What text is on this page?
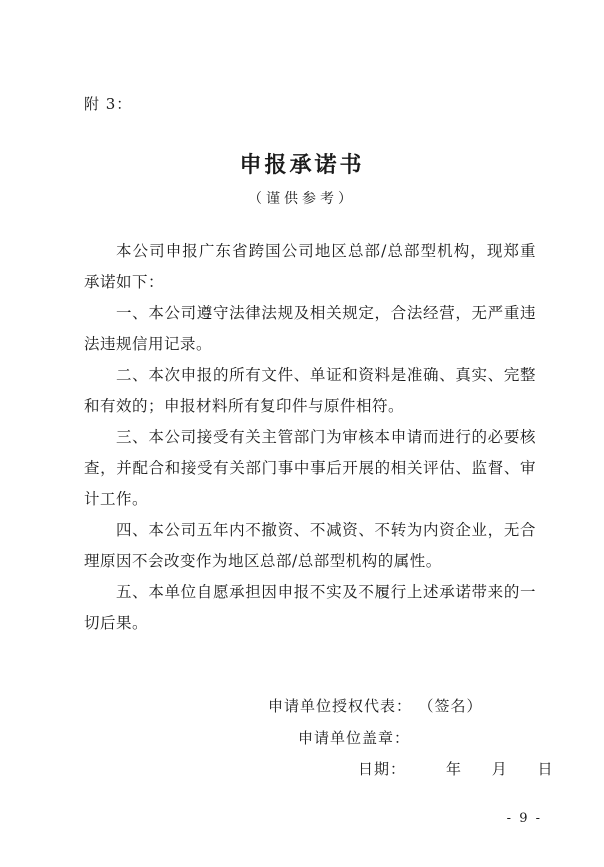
附 3：
申报承诺书
（谨供参考）

本公司申报广东省跨国公司地区总部/总部型机构，现郑重承诺如下：

一、本公司遵守法律法规及相关规定，合法经营，无严重违法违规信用记录。

二、本次申报的所有文件、单证和资料是准确、真实、完整和有效的；申报材料所有复印件与原件相符。

三、本公司接受有关主管部门为审核本申请而进行的必要核查，并配合和接受有关部门事中事后开展的相关评估、监督、审计工作。

四、本公司五年内不撤资、不减资、不转为内资企业，无合理原因不会改变作为地区总部/总部型机构的属性。

五、本单位自愿承担因申报不实及不履行上述承诺带来的一切后果。

申请单位授权代表： （签名）
申请单位盖章：
日期：	年 月 日
- 9 -
